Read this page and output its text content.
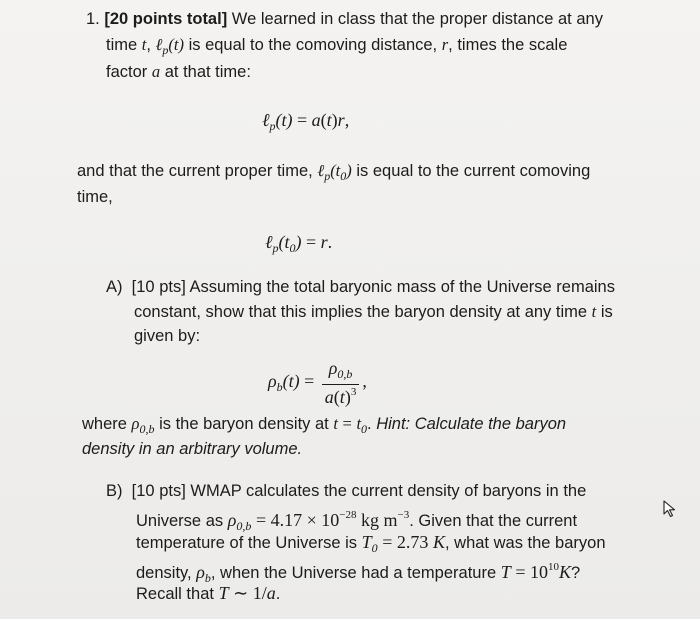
1. [20 points total] We learned in class that the proper distance at any
time t, ℓ$_p$(t) is equal to the comoving distance, r, times the scale
factor a at that time:
ℓ$_p$(t) = a(t)r,
and that the current proper time, $\ell_p(t_0)$ is equal to the current comoving
time,
$\ell_p(t_0) = r$.
A) [10 pts] Assuming the total baryonic mass of the Universe remains
constant, show that this implies the baryon density at any time t is
given by:
$\rho_b(t) = \frac{\rho_{0,b}}{a(t)^3}$ ,
where $\rho_{0,b}$ is the baryon density at $t = t_0$. Hint: Calculate the baryon
density in an arbitrary volume.
B) [10 pts] WMAP calculates the current density of baryons in the
Universe as $\rho_{0,b} = 4.17 \times 10^{-28}$ kg $m^{-3}$. Given that the current
temperature of the Universe is $T_0 = 2.73$ K, what was the baryon
density, $\rho_b$, when the Universe had a temperature $T = 10^{10}K$?
Recall that T ∼ 1/a.
